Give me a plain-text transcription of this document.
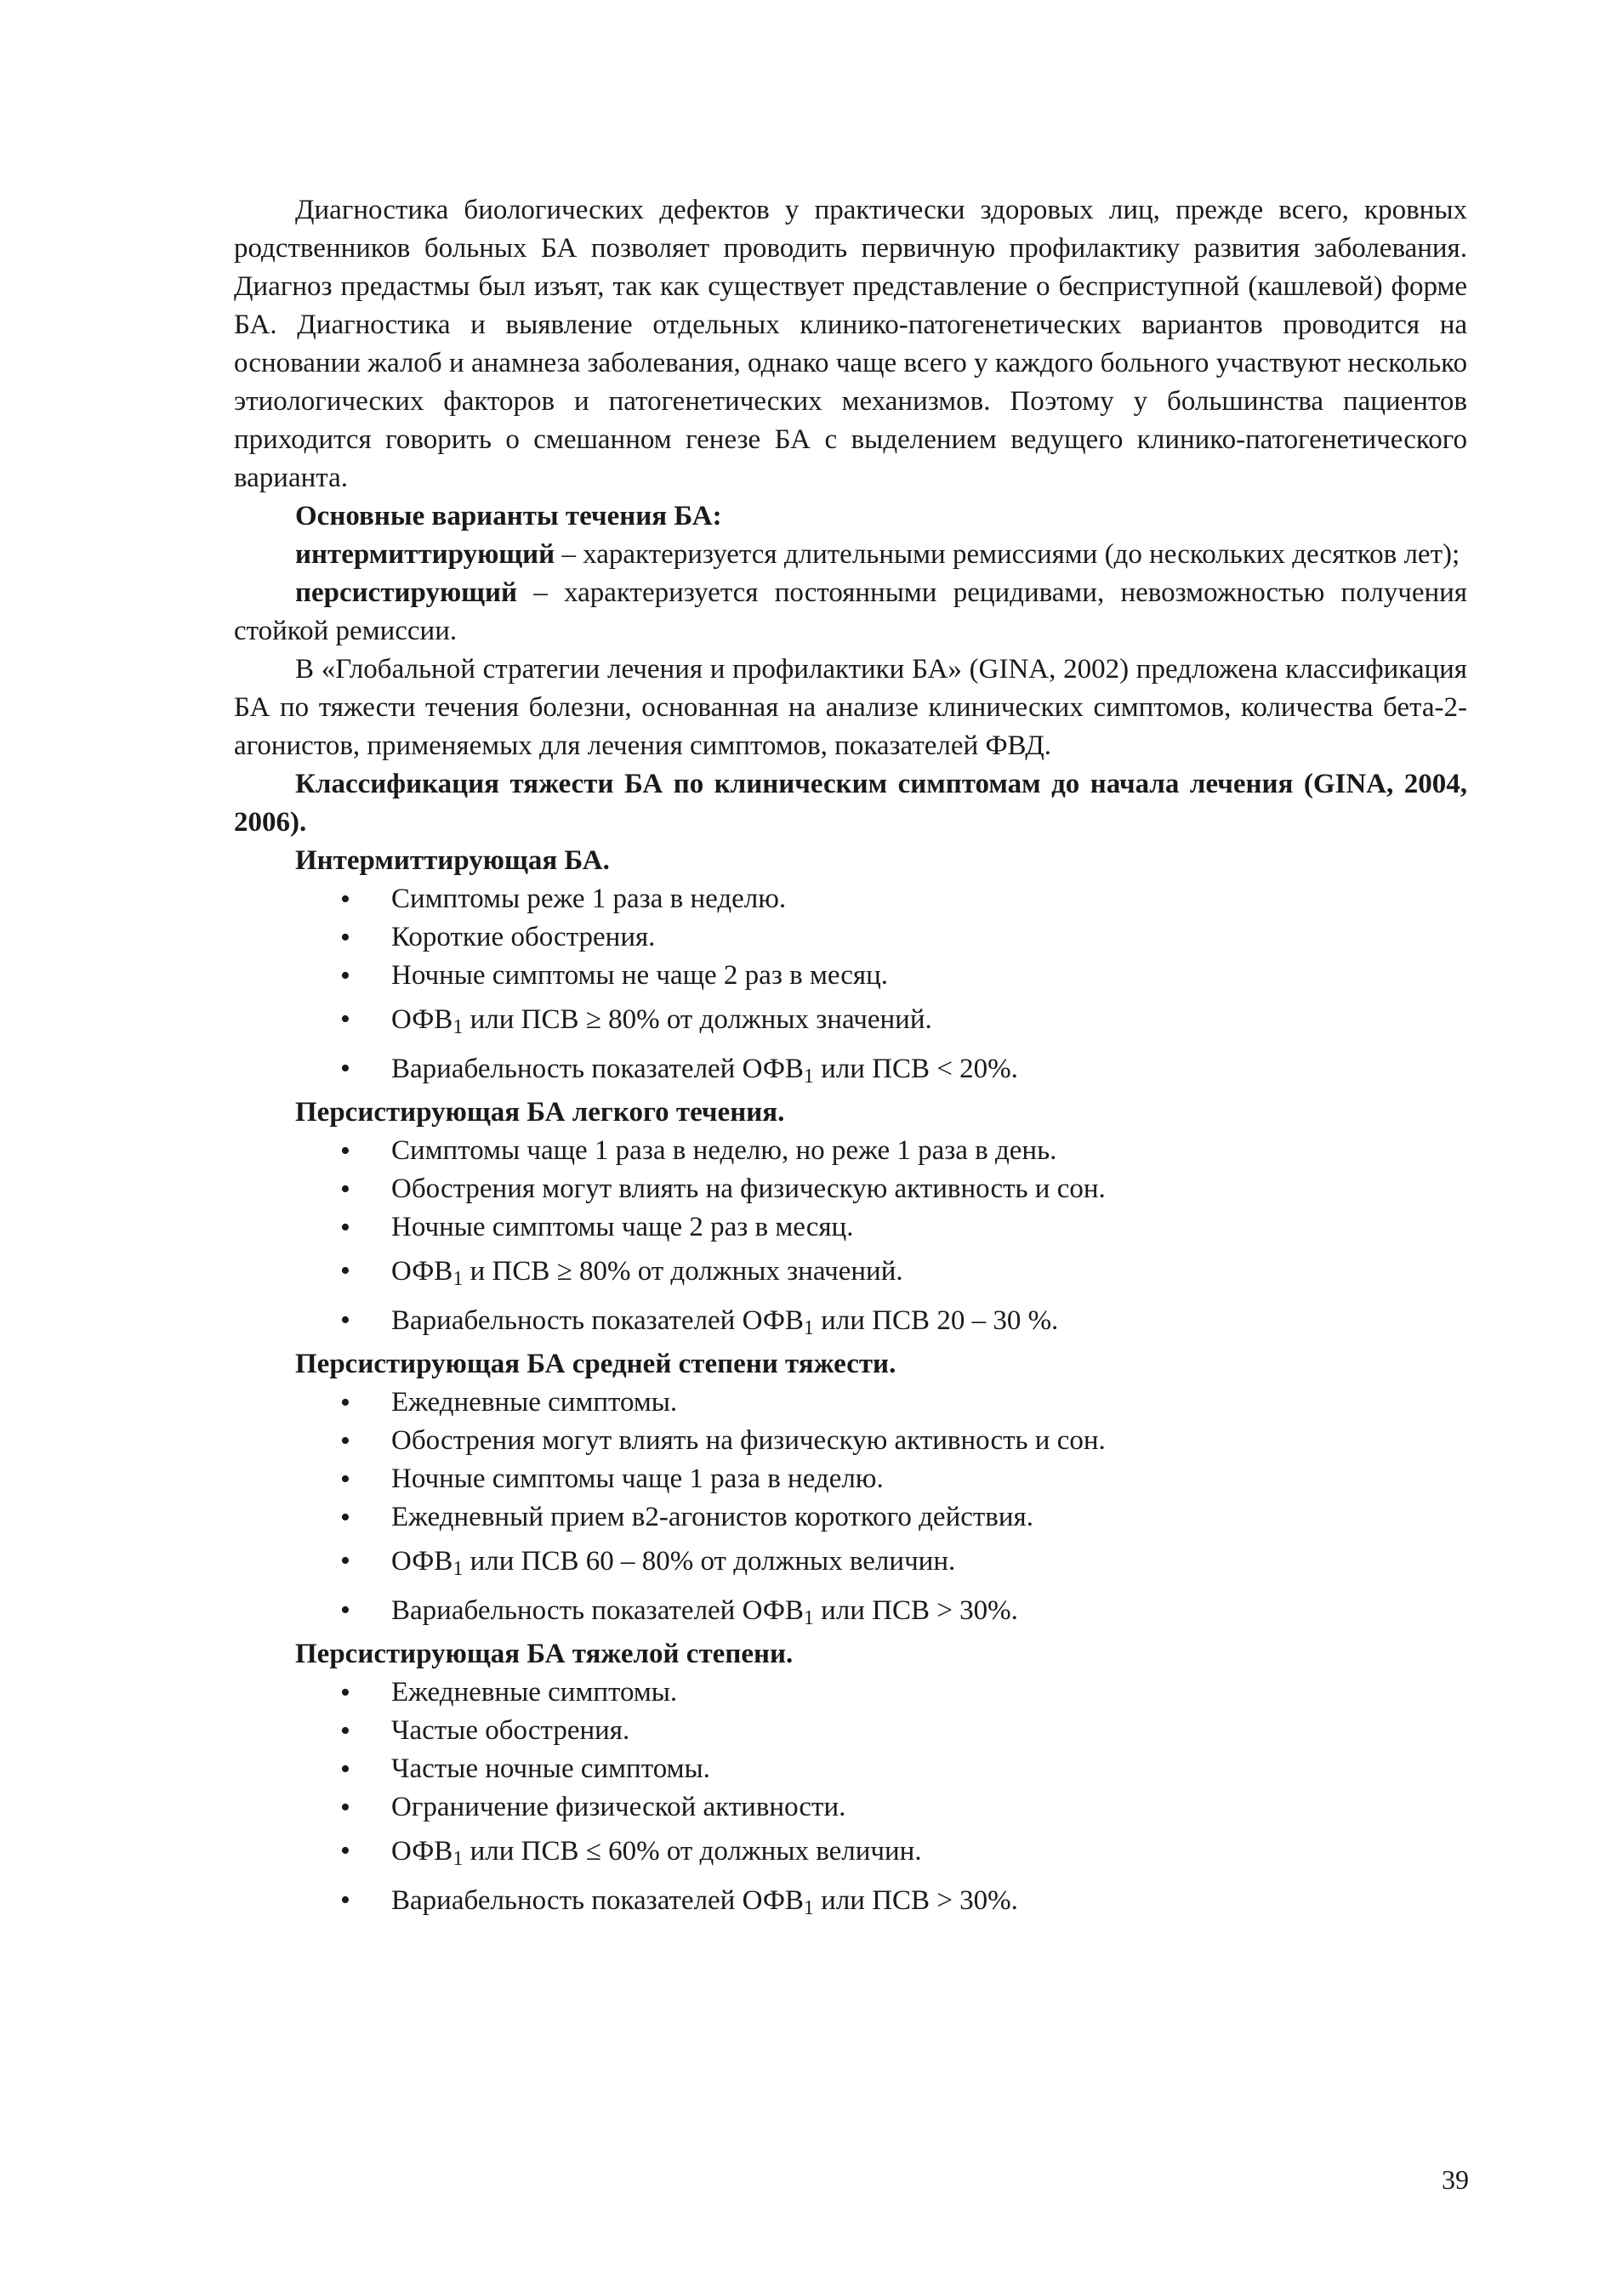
Диагностика биологических дефектов у практически здоровых лиц, прежде всего, кровных родственников больных БА позволяет проводить первичную профилактику развития заболевания. Диагноз предастмы был изъят, так как существует представление о бесприступной (кашлевой) форме БА. Диагностика и выявление отдельных клинико-патогенетических вариантов проводится на основании жалоб и анамнеза заболевания, однако чаще всего у каждого больного участвуют несколько этиологических факторов и патогенетических механизмов. Поэтому у большинства пациентов приходится говорить о смешанном генезе БА с выделением ведущего клинико-патогенетического варианта.

Основные варианты течения БА:

интермиттирующий – характеризуется длительными ремиссиями (до нескольких десятков лет);

персистирующий – характеризуется постоянными рецидивами, невозможностью получения стойкой ремиссии.

В «Глобальной стратегии лечения и профилактики БА» (GINA, 2002) предложена классификация БА по тяжести течения болезни, основанная на анализе клинических симптомов, количества бета-2-агонистов, применяемых для лечения симптомов, показателей ФВД.

Классификация тяжести БА по клиническим симптомам до начала лечения (GINA, 2004, 2006).

Интермиттирующая БА.

• Симптомы реже 1 раза в неделю.
• Короткие обострения.
• Ночные симптомы не чаще 2 раз в месяц.
• $ОФВ_1$ или ПСВ ≥ 80% от должных значений.
• Вариабельность показателей $ОФВ_1$ или ПСВ < 20%.

Персистирующая БА легкого течения.

• Симптомы чаще 1 раза в неделю, но реже 1 раза в день.
• Обострения могут влиять на физическую активность и сон.
• Ночные симптомы чаще 2 раз в месяц.
• $ОФВ_1$ и ПСВ ≥ 80% от должных значений.
• Вариабельность показателей $ОФВ_1$ или ПСВ 20 – 30 %.

Персистирующая БА средней степени тяжести.

• Ежедневные симптомы.
• Обострения могут влиять на физическую активность и сон.
• Ночные симптомы чаще 1 раза в неделю.
• Ежедневный прием в2-агонистов короткого действия.
• $ОФВ_1$ или ПСВ 60 – 80% от должных величин.
• Вариабельность показателей $ОФВ_1$ или ПСВ > 30%.

Персистирующая БА тяжелой степени.

• Ежедневные симптомы.
• Частые обострения.
• Частые ночные симптомы.
• Ограничение физической активности.
• $ОФВ_1$ или ПСВ ≤ 60% от должных величин.
• Вариабельность показателей $ОФВ_1$ или ПСВ > 30%.
39
